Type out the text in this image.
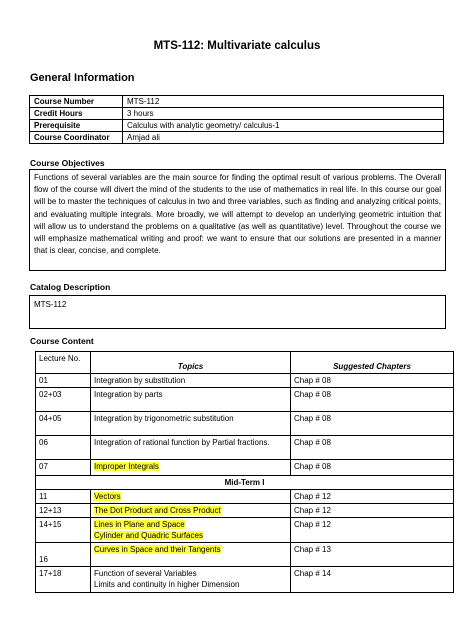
MTS-112: Multivariate calculus
General Information
Course Number	MTS-112
Credit Hours	3 hours
Prerequisite	Calculus with analytic geometry/ calculus-1
Course Coordinator	Amjad ali
Course Objectives
Functions of several variables are the main source for finding the optimal result of various problems. The Overall flow of the course will divert the mind of the students to the use of mathematics in real life. In this course our goal will be to master the techniques of calculus in two and three variables, such as finding and analyzing critical points, and evaluating multiple integrals. More broadly, we will attempt to develop an underlying geometric intuition that will allow us to understand the problems on a qualitative (as well as quantitative) level. Throughout the course we will emphasize mathematical writing and proof: we want to ensure that our solutions are presented in a manner that is clear, concise, and complete.
Catalog Description
MTS-112
Course Content
Lecture No.	Topics	Suggested Chapters
01	Integration by substitution	Chap # 08
02+03	Integration by parts	Chap # 08
04+05	Integration by trigonometric substitution	Chap # 08
06	Integration of rational function by Partial fractions.	Chap # 08
07	Improper Integrals	Chap # 08
Mid-Term I		
11	Vectors	Chap # 12
12+13	The Dot Product and Cross Product	Chap # 12
14+15	Lines in Plane and Space
Cylinder and Quadric Surfaces	Chap # 12
16	Curves in Space and their Tangents	Chap # 13
17+18	Function of several Variables
Limits and continuity in higher Dimension	Chap # 14
